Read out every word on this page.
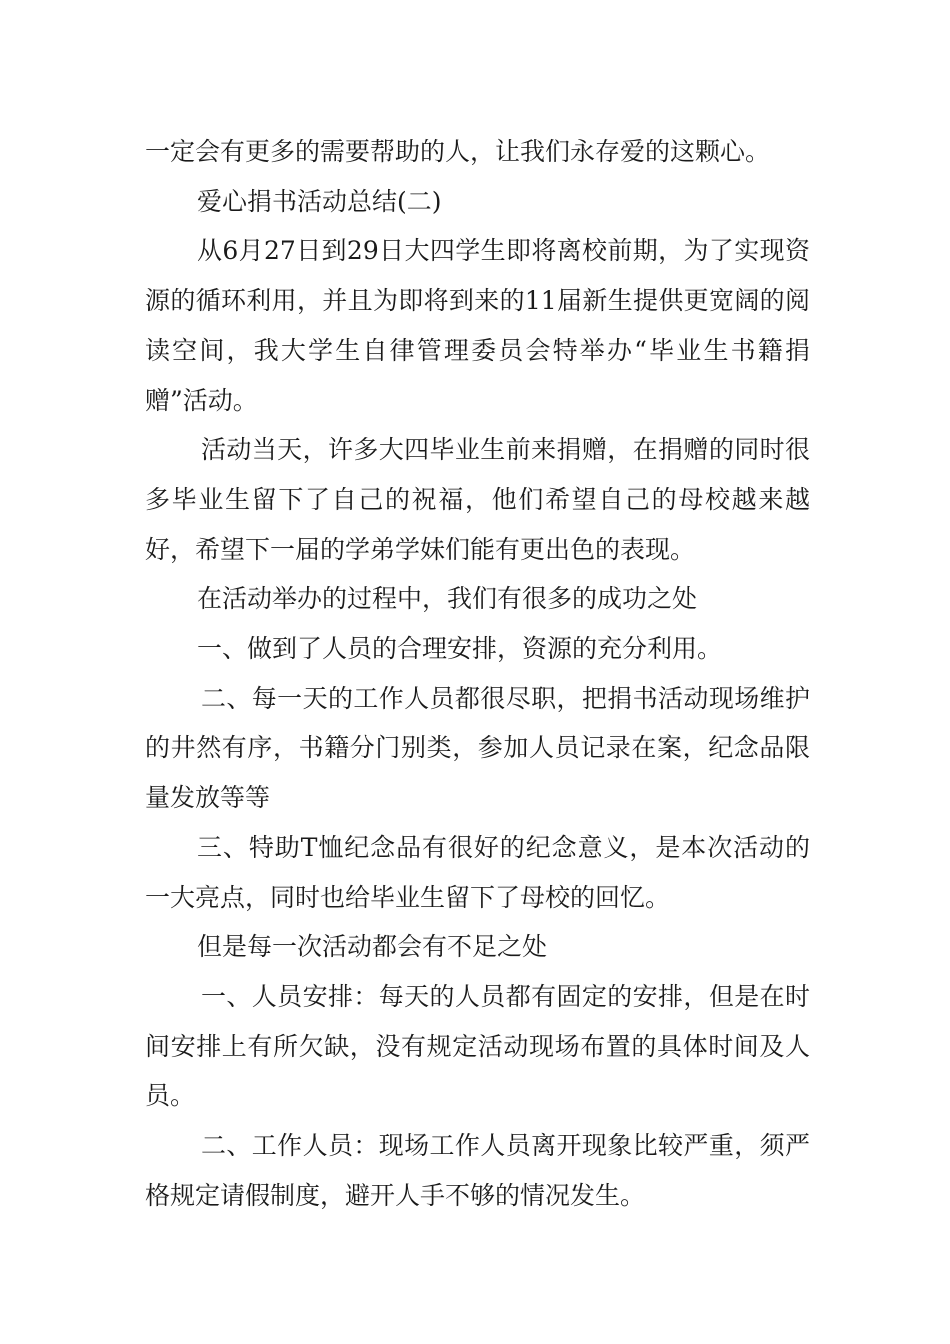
一定会有更多的需要帮助的人，让我们永存爱的这颗心。

爱心捐书活动总结(二)

从6月27日到29日大四学生即将离校前期，为了实现资源的循环利用，并且为即将到来的11届新生提供更宽阔的阅读空间，我大学生自律管理委员会特举办“毕业生书籍捐赠”活动。

活动当天，许多大四毕业生前来捐赠，在捐赠的同时很多毕业生留下了自己的祝福，他们希望自己的母校越来越好，希望下一届的学弟学妹们能有更出色的表现。

在活动举办的过程中，我们有很多的成功之处

一、做到了人员的合理安排，资源的充分利用。

二、每一天的工作人员都很尽职，把捐书活动现场维护的井然有序，书籍分门别类，参加人员记录在案，纪念品限量发放等等

三、特助T恤纪念品有很好的纪念意义，是本次活动的一大亮点，同时也给毕业生留下了母校的回忆。

但是每一次活动都会有不足之处

一、人员安排：每天的人员都有固定的安排，但是在时间安排上有所欠缺，没有规定活动现场布置的具体时间及人员。

二、工作人员：现场工作人员离开现象比较严重，须严格规定请假制度，避开人手不够的情况发生。
